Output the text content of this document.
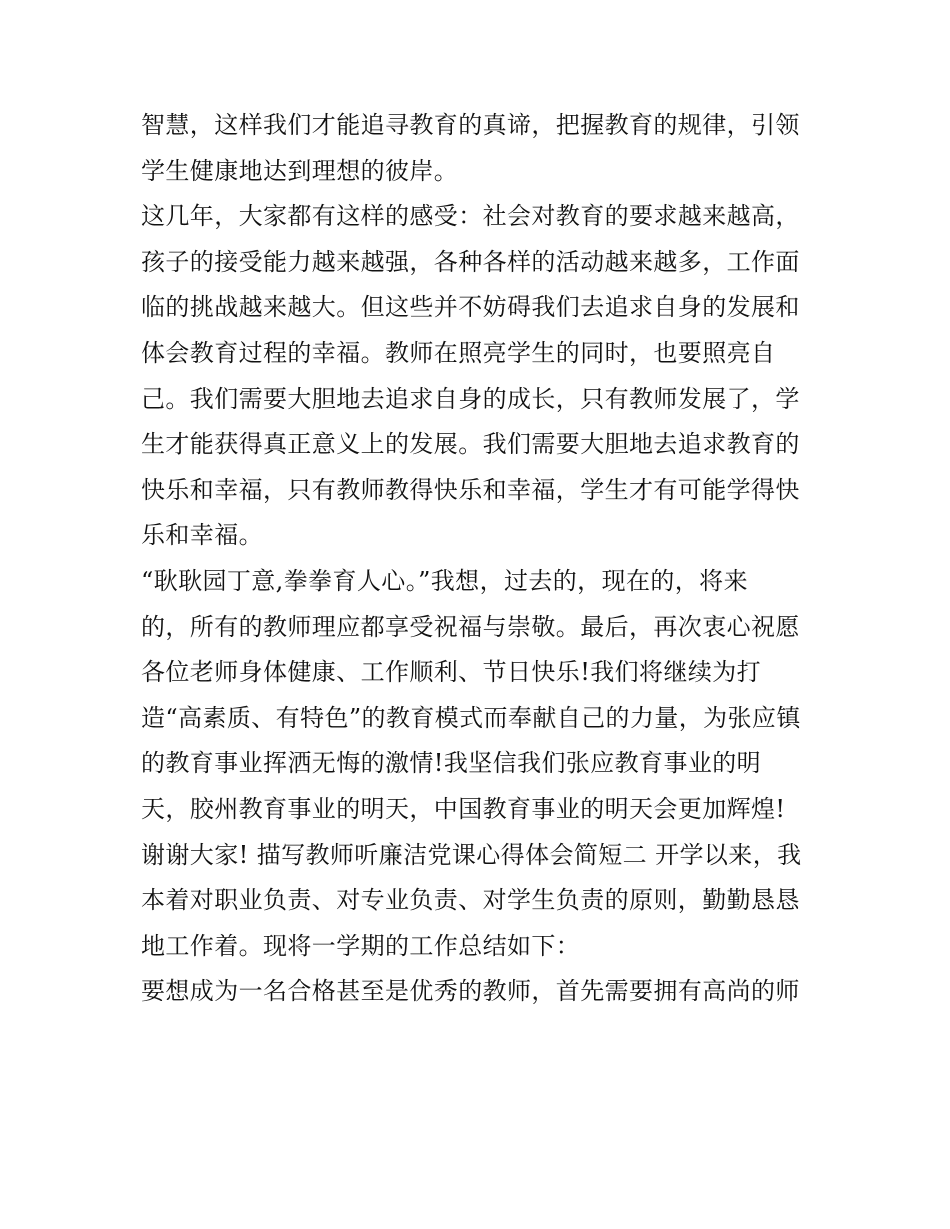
智慧，这样我们才能追寻教育的真谛，把握教育的规律，引领
学生健康地达到理想的彼岸。
这几年，大家都有这样的感受：社会对教育的要求越来越高，
孩子的接受能力越来越强，各种各样的活动越来越多，工作面
临的挑战越来越大。但这些并不妨碍我们去追求自身的发展和
体会教育过程的幸福。教师在照亮学生的同时，也要照亮自
己。我们需要大胆地去追求自身的成长，只有教师发展了，学
生才能获得真正意义上的发展。我们需要大胆地去追求教育的
快乐和幸福，只有教师教得快乐和幸福，学生才有可能学得快
乐和幸福。
“耿耿园丁意,拳拳育人心。”我想，过去的，现在的，将来
的，所有的教师理应都享受祝福与崇敬。最后，再次衷心祝愿
各位老师身体健康、工作顺利、节日快乐!我们将继续为打
造“高素质、有特色”的教育模式而奉献自己的力量，为张应镇
的教育事业挥洒无悔的激情!我坚信我们张应教育事业的明
天，胶州教育事业的明天，中国教育事业的明天会更加辉煌!
谢谢大家! 描写教师听廉洁党课心得体会简短二 开学以来，我
本着对职业负责、对专业负责、对学生负责的原则，勤勤恳恳
地工作着。现将一学期的工作总结如下：
要想成为一名合格甚至是优秀的教师，首先需要拥有高尚的师
